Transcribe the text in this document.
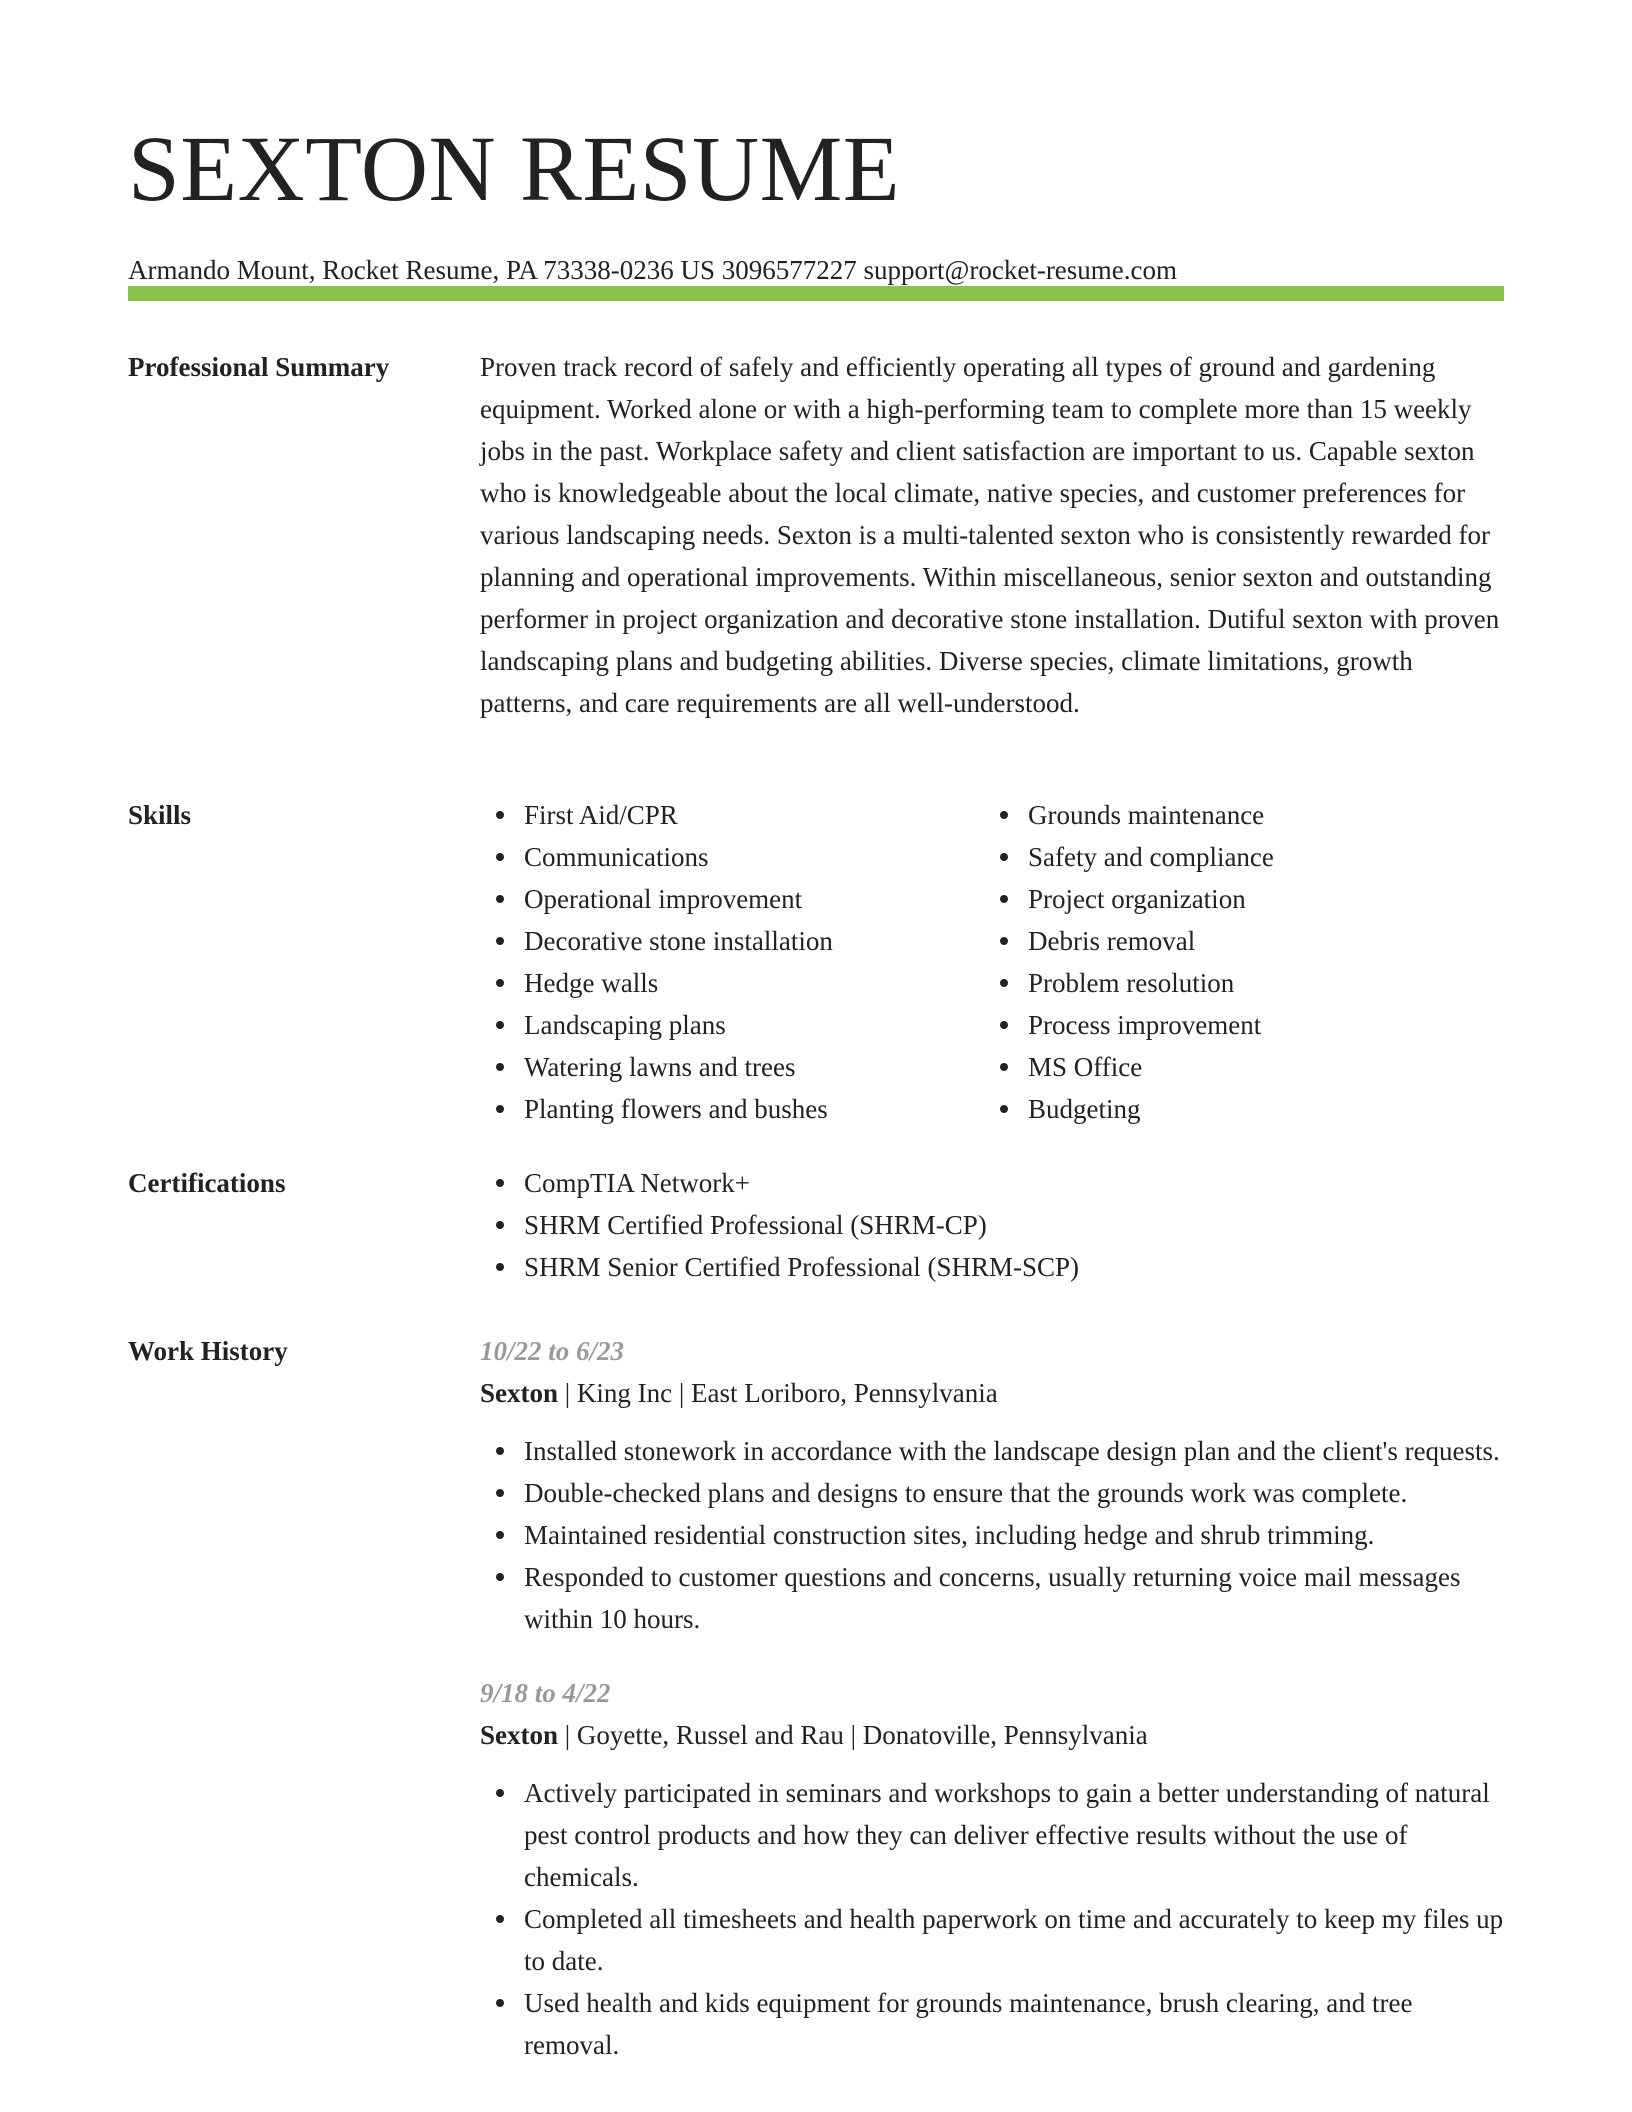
SEXTON RESUME
Armando Mount, Rocket Resume, PA 73338-0236 US 3096577227 support@rocket-resume.com
Professional Summary	Proven track record of safely and efficiently operating all types of ground and gardening equipment. Worked alone or with a high-performing team to complete more than 15 weekly jobs in the past. Workplace safety and client satisfaction are important to us. Capable sexton who is knowledgeable about the local climate, native species, and customer preferences for various landscaping needs. Sexton is a multi-talented sexton who is consistently rewarded for planning and operational improvements. Within miscellaneous, senior sexton and outstanding performer in project organization and decorative stone installation. Dutiful sexton with proven landscaping plans and budgeting abilities. Diverse species, climate limitations, growth patterns, and care requirements are all well-understood.

Skills	First Aid/CPR
Communications
Operational improvement
Decorative stone installation
Hedge walls
Landscaping plans
Watering lawns and trees
Planting flowers and bushes
Grounds maintenance
Safety and compliance
Project organization
Debris removal
Problem resolution
Process improvement
MS Office
Budgeting
Certifications	CompTIA Network+
SHRM Certified Professional (SHRM-CP)
SHRM Senior Certified Professional (SHRM-SCP)
Work History	10/22 to 6/23
Sexton | King Inc | East Loriboro, Pennsylvania
Installed stonework in accordance with the landscape design plan and the client's requests.
Double-checked plans and designs to ensure that the grounds work was complete.
Maintained residential construction sites, including hedge and shrub trimming.
Responded to customer questions and concerns, usually returning voice mail messages within 10 hours.
9/18 to 4/22
Sexton | Goyette, Russel and Rau | Donatoville, Pennsylvania
Actively participated in seminars and workshops to gain a better understanding of natural pest control products and how they can deliver effective results without the use of chemicals.
Completed all timesheets and health paperwork on time and accurately to keep my files up to date.
Used health and kids equipment for grounds maintenance, brush clearing, and tree removal.
